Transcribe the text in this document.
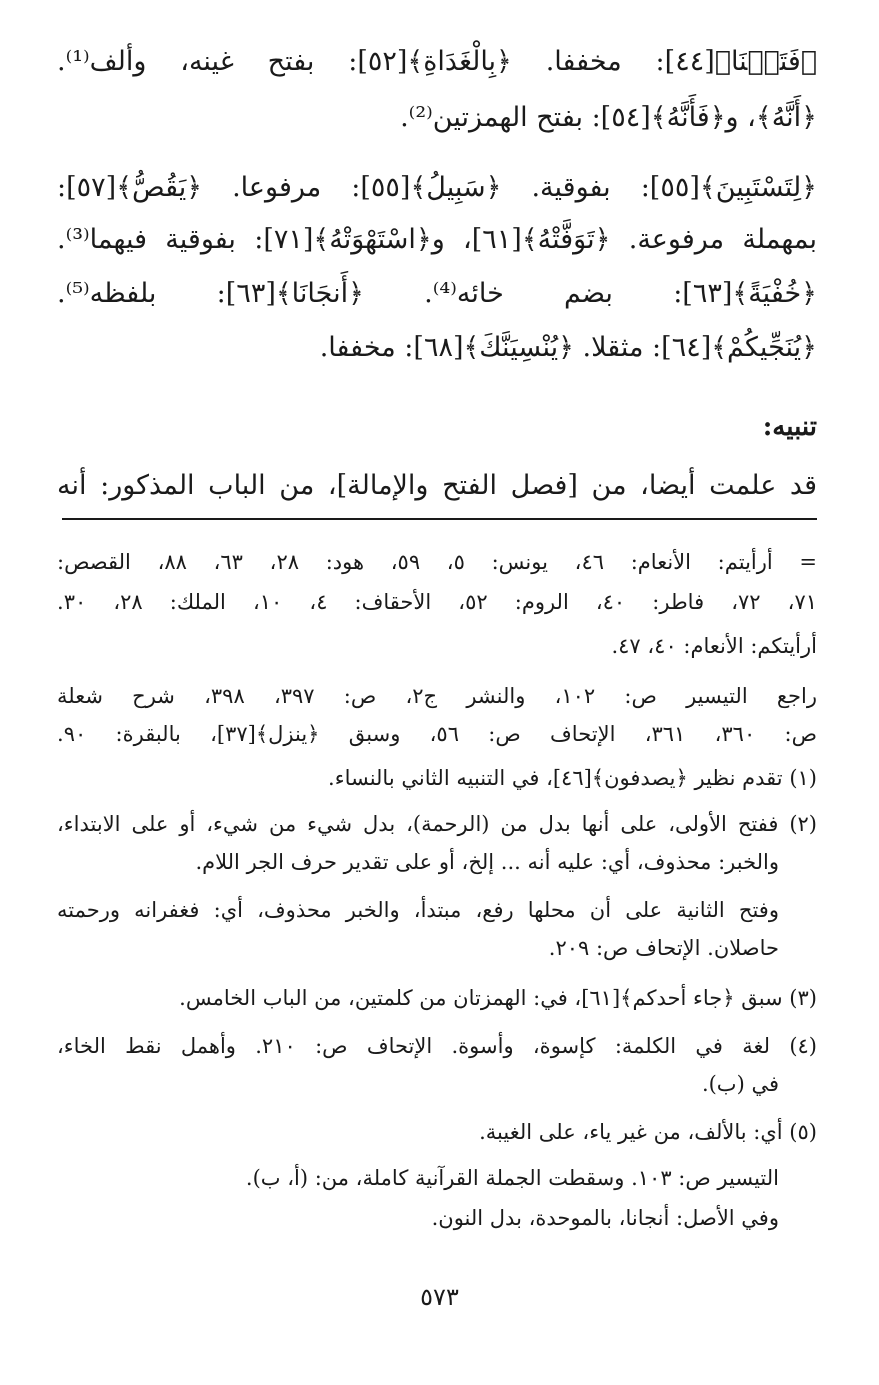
﴿فَتَحۡنَا﴾[٤٤]: مخففا. ﴿بِالْغَدَاةِ﴾[٥٢]: بفتح غينه، وألف⁽¹⁾.
﴿أَنَّهُ﴾، و﴿فَأَنَّهُ﴾[٥٤]: بفتح الهمزتين⁽²⁾.
﴿لِتَسْتَبِينَ﴾[٥٥]: بفوقية. ﴿سَبِيلُ﴾[٥٥]: مرفوعا. ﴿يَقُصُّ﴾[٥٧]:
بمهملة مرفوعة. ﴿تَوَفَّتْهُ﴾[٦١]، و﴿اسْتَهْوَتْهُ﴾[٧١]: بفوقية فيهما⁽³⁾.
﴿خُفْيَةً﴾[٦٣]: بضم خائه⁽⁴⁾. ﴿أَنجَانَا﴾[٦٣]: بلفظه⁽⁵⁾.
﴿يُنَجِّيكُمْ﴾[٦٤]: مثقلا. ﴿يُنْسِيَنَّكَ﴾[٦٨]: مخففا.
تنبيه:
قد علمت أيضا، من [فصل الفتح والإمالة]، من الباب المذكور: أنه
= أرأيتم: الأنعام: ٤٦، يونس: ٥، ٥٩، هود: ٢٨، ٦٣، ٨٨، القصص:
٧١، ٧٢، فاطر: ٤٠، الروم: ٥٢، الأحقاف: ٤، ١٠، الملك: ٢٨، ٣٠.
أرأيتكم: الأنعام: ٤٠، ٤٧.
راجع التيسير ص: ١٠٢، والنشر ج٢، ص: ٣٩٧، ٣٩٨، شرح شعلة
ص: ٣٦٠، ٣٦١، الإتحاف ص: ٥٦، وسبق ﴿ينزل﴾[٣٧]، بالبقرة: ٩٠.
(١) تقدم نظير ﴿يصدفون﴾[٤٦]، في التنبيه الثاني بالنساء.
(٢) ففتح الأولى، على أنها بدل من (الرحمة)، بدل شيء من شيء، أو على الابتداء،
والخبر: محذوف، أي: عليه أنه ... إلخ، أو على تقدير حرف الجر اللام.
وفتح الثانية على أن محلها رفع، مبتدأ، والخبر محذوف، أي: فغفرانه ورحمته
حاصلان. الإتحاف ص: ٢٠٩.
(٣) سبق ﴿جاء أحدكم﴾[٦١]، في: الهمزتان من كلمتين، من الباب الخامس.
(٤) لغة في الكلمة: كإسوة، وأسوة. الإتحاف ص: ٢١٠. وأهمل نقط الخاء،
في (ب).
(٥) أي: بالألف، من غير ياء، على الغيبة.
التيسير ص: ١٠٣. وسقطت الجملة القرآنية كاملة، من: (أ، ب).
وفي الأصل: أنجانا، بالموحدة، بدل النون.
٥٧٣
